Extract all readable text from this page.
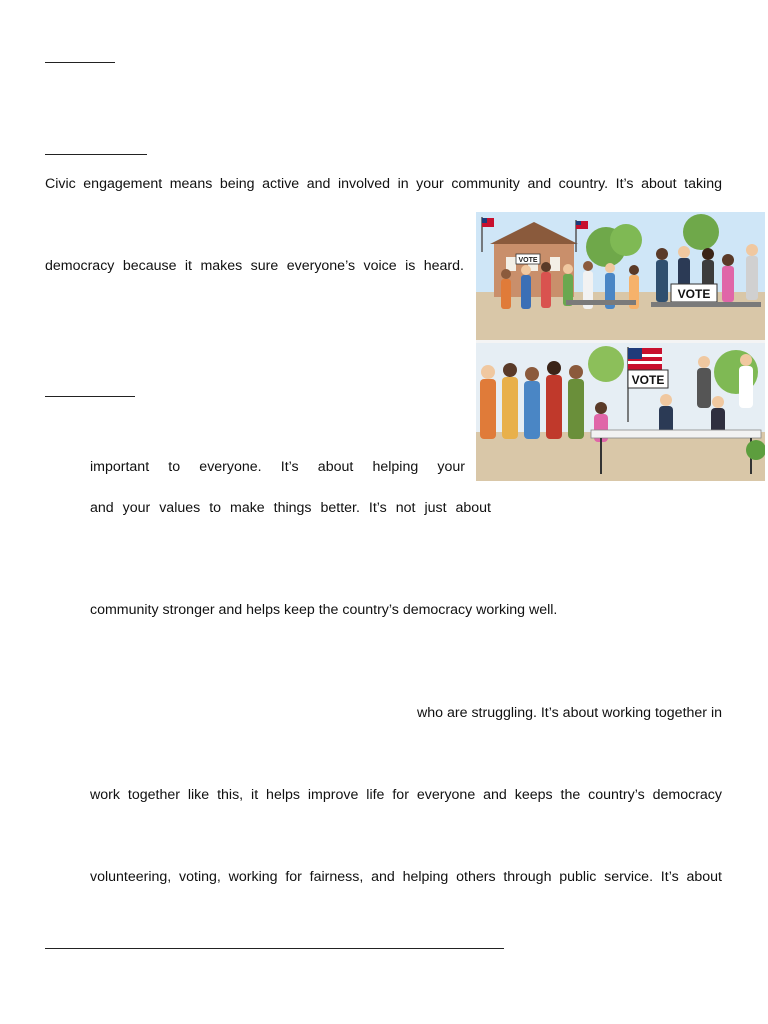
Civic engagement means being active and involved in your community and country. It’s about taking
democracy because it makes sure everyone’s voice is heard.
important to everyone. It’s about helping your
and your values to make things better. It’s not just about
community stronger and helps keep the country’s democracy working well.
who are struggling. It’s about working together in
work together like this, it helps improve life for everyone and keeps the country’s democracy
volunteering, voting, working for fairness, and helping others through public service. It’s about
VOTE
VOTE
VOTE
